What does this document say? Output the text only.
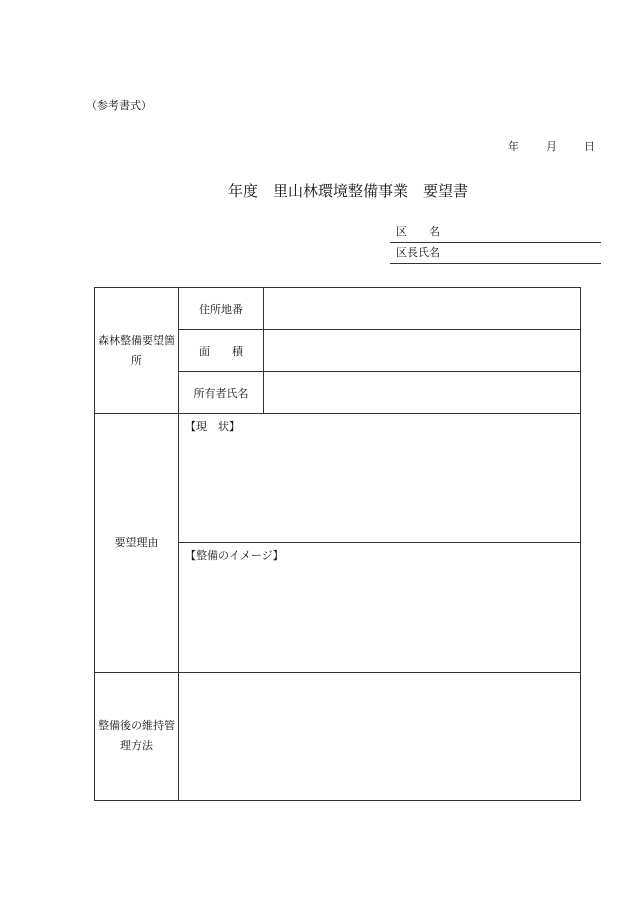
（参考書式）
年	月	日
年度　里山林環境整備事業　要望書
区　　名
区長氏名
森林整備要望箇所	住所地番	
	面　　積	
	所有者氏名	
要望理由	【現　状】	

	【整備のイメージ】	

整備後の維持管理方法		
